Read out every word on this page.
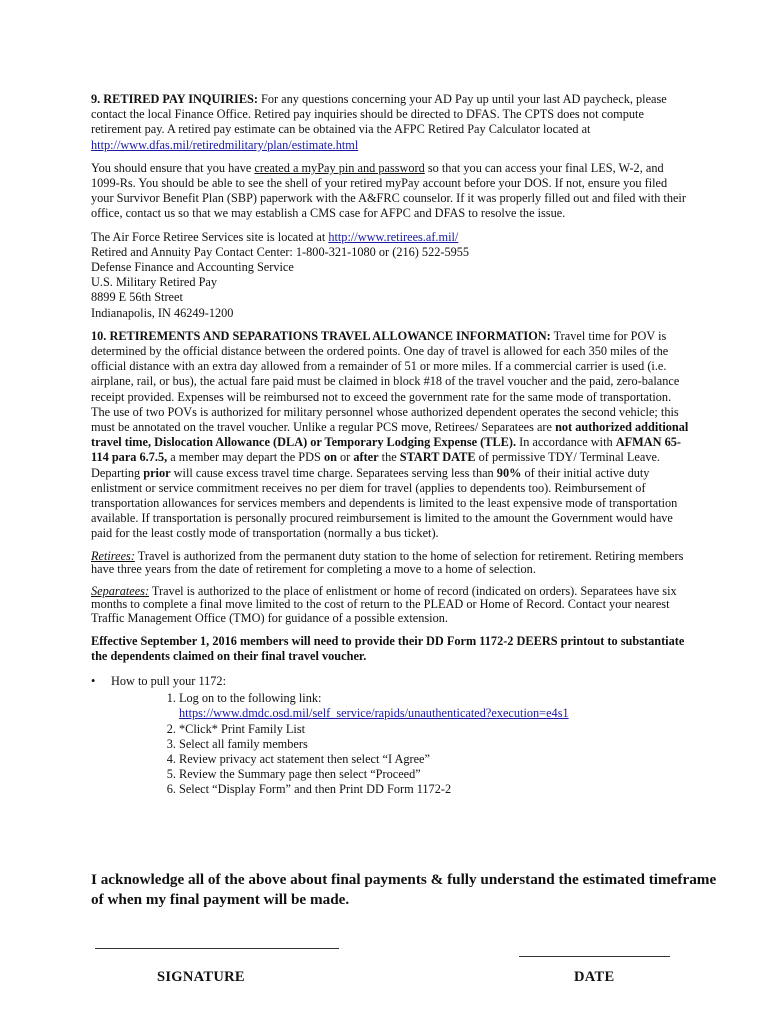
9. RETIRED PAY INQUIRIES: For any questions concerning your AD Pay up until your last AD paycheck, please contact the local Finance Office. Retired pay inquiries should be directed to DFAS. The CPTS does not compute retirement pay. A retired pay estimate can be obtained via the AFPC Retired Pay Calculator located at http://www.dfas.mil/retiredmilitary/plan/estimate.html

You should ensure that you have created a myPay pin and password so that you can access your final LES, W-2, and 1099-Rs. You should be able to see the shell of your retired myPay account before your DOS. If not, ensure you filed your Survivor Benefit Plan (SBP) paperwork with the A&FRC counselor. If it was properly filled out and filed with their office, contact us so that we may establish a CMS case for AFPC and DFAS to resolve the issue.

The Air Force Retiree Services site is located at http://www.retirees.af.mil/

Retired and Annuity Pay Contact Center: 1-800-321-1080 or (216) 522-5955

Defense Finance and Accounting Service

U.S. Military Retired Pay

8899 E 56th Street

Indianapolis, IN 46249-1200

10. RETIREMENTS AND SEPARATIONS TRAVEL ALLOWANCE INFORMATION: Travel time for POV is determined by the official distance between the ordered points. One day of travel is allowed for each 350 miles of the official distance with an extra day allowed from a remainder of 51 or more miles. If a commercial carrier is used (i.e. airplane, rail, or bus), the actual fare paid must be claimed in block #18 of the travel voucher and the paid, zero-balance receipt provided. Expenses will be reimbursed not to exceed the government rate for the same mode of transportation. The use of two POVs is authorized for military personnel whose authorized dependent operates the second vehicle; this must be annotated on the travel voucher. Unlike a regular PCS move, Retirees/ Separatees are not authorized additional travel time, Dislocation Allowance (DLA) or Temporary Lodging Expense (TLE). In accordance with AFMAN 65-114 para 6.7.5, a member may depart the PDS on or after the START DATE of permissive TDY/ Terminal Leave. Departing prior will cause excess travel time charge. Separatees serving less than 90% of their initial active duty enlistment or service commitment receives no per diem for travel (applies to dependents too). Reimbursement of transportation allowances for services members and dependents is limited to the least expensive mode of transportation available. If transportation is personally procured reimbursement is limited to the amount the Government would have paid for the least costly mode of transportation (normally a bus ticket).

Retirees: Travel is authorized from the permanent duty station to the home of selection for retirement. Retiring members have three years from the date of retirement for completing a move to a home of selection.

Separatees: Travel is authorized to the place of enlistment or home of record (indicated on orders). Separatees have six months to complete a final move limited to the cost of return to the PLEAD or Home of Record. Contact your nearest Traffic Management Office (TMO) for guidance of a possible extension.

Effective September 1, 2016 members will need to provide their DD Form 1172-2 DEERS printout to substantiate the dependents claimed on their final travel voucher.

• How to pull your 1172:
1. Log on to the following link:
https://www.dmdc.osd.mil/self_service/rapids/unauthenticated?execution=e4s1
2. *Click* Print Family List
3. Select all family members
4. Review privacy act statement then select “I Agree”
5. Review the Summary page then select “Proceed”
6. Select “Display Form” and then Print DD Form 1172-2

I acknowledge all of the above about final payments & fully understand the estimated timeframe of when my final payment will be made.

SIGNATURE	DATE
